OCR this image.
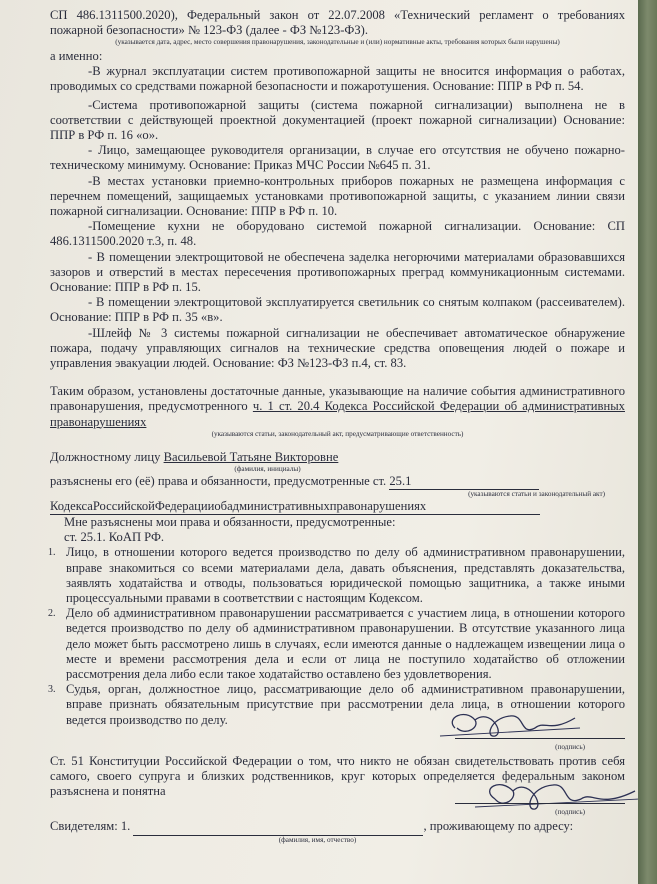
СП 486.1311500.2020), Федеральный закон от 22.07.2008 «Технический регламент о требованиях пожарной безопасности» № 123-ФЗ (далее - ФЗ №123-ФЗ).

(указывается дата, адрес, место совершения правонарушения, законодательные и (или) нормативные акты, требования которых были нарушены)

а именно:

-В журнал эксплуатации систем противопожарной защиты не вносится информация о работах, проводимых со средствами пожарной безопасности и пожаротушения. Основание: ППР в РФ п. 54.

-Система противопожарной защиты (система пожарной сигнализации) выполнена не в соответствии с действующей проектной документацией (проект пожарной сигнализации) Основание: ППР в РФ п. 16 «о».

- Лицо, замещающее руководителя организации, в случае его отсутствия не обучено пожарно-техническому минимуму. Основание: Приказ МЧС России №645 п. 31.

-В местах установки приемно-контрольных приборов пожарных не размещена информация с перечнем помещений, защищаемых установками противопожарной защиты, с указанием линии связи пожарной сигнализации. Основание: ППР в РФ п. 10.

-Помещение кухни не оборудовано системой пожарной сигнализации. Основание: СП 486.1311500.2020 т.3, п. 48.

- В помещении электрощитовой не обеспечена заделка негорючими материалами образовавшихся зазоров и отверстий в местах пересечения противопожарных преград коммуникационным системами. Основание: ППР в РФ п. 15.

- В помещении электрощитовой эксплуатируется светильник со снятым колпаком (рассеивателем). Основание: ППР в РФ п. 35 «в».

-Шлейф № 3 системы пожарной сигнализации не обеспечивает автоматическое обнаружение пожара, подачу управляющих сигналов на технические средства оповещения людей о пожаре и управления эвакуации людей. Основание: ФЗ №123-ФЗ п.4, ст. 83.

Таким образом, установлены достаточные данные, указывающие на наличие события административного правонарушения, предусмотренного ч. 1 ст. 20.4 Кодекса Российской Федерации об административных правонарушениях

(указываются статьи, законодательный акт, предусматривающие ответственность)

Должностному лицу Васильевой Татьяне Викторовне

(фамилия, инициалы)

разъяснены его (её) права и обязанности, предусмотренные ст. 25.1

(указываются статьи и законодательный акт)

КодексаРоссийскойФедерацииобадминистративныхправонарушениях

Мне разъяснены мои права и обязанности, предусмотренные:

ст. 25.1. КоАП РФ.

1. Лицо, в отношении которого ведется производство по делу об административном правонарушении, вправе знакомиться со всеми материалами дела, давать объяснения, представлять доказательства, заявлять ходатайства и отводы, пользоваться юридической помощью защитника, а также иными процессуальными правами в соответствии с настоящим Кодексом.
2. Дело об административном правонарушении рассматривается с участием лица, в отношении которого ведется производство по делу об административном правонарушении. В отсутствие указанного лица дело может быть рассмотрено лишь в случаях, если имеются данные о надлежащем извещении лица о месте и времени рассмотрения дела и если от лица не поступило ходатайство об отложении рассмотрения дела либо если такое ходатайство оставлено без удовлетворения.
3. Судья, орган, должностное лицо, рассматривающие дело об административном правонарушении, вправе признать обязательным присутствие при рассмотрении дела лица, в отношении которого ведется производство по делу.
(подпись)

Ст. 51 Конституции Российской Федерации о том, что никто не обязан свидетельствовать против себя самого, своего супруга и близких родственников, круг которых определяется федеральным законом разъяснена и понятна

(подпись)

Свидетелям: 1.	, проживающему по адресу:

(фамилия, имя, отчество)
